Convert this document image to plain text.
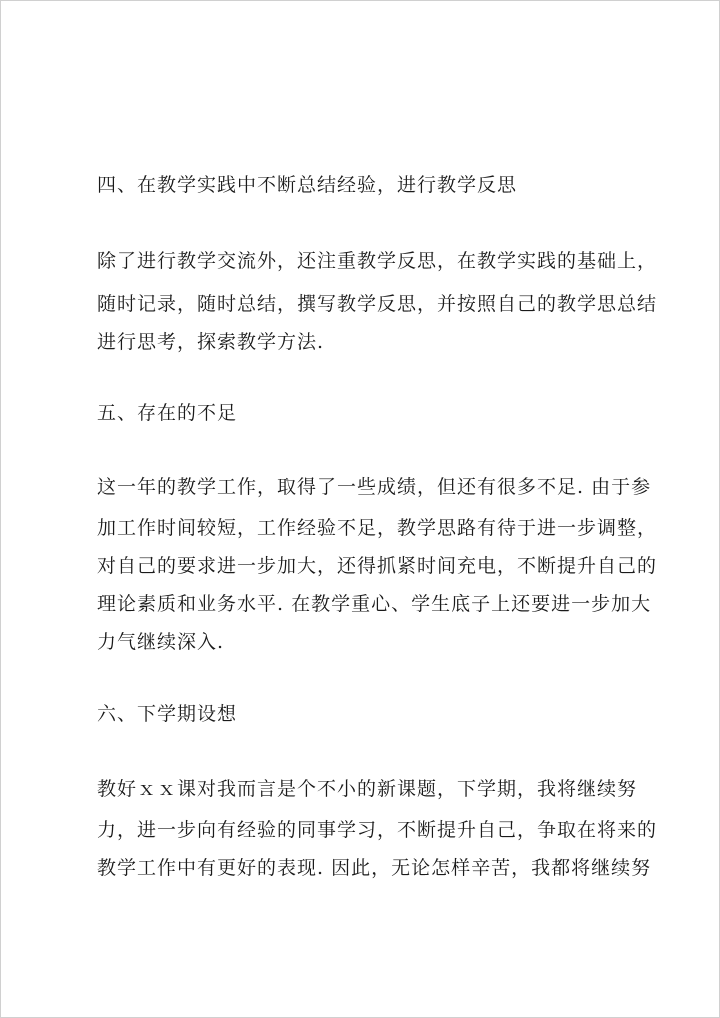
四、在教学实践中不断总结经验，进行教学反思

除了进行教学交流外，还注重教学反思，在教学实践的基础上，

随时记录，随时总结，撰写教学反思，并按照自己的教学思总结

进行思考，探索教学方法.

五、存在的不足

这一年的教学工作，取得了一些成绩，但还有很多不足. 由于参

加工作时间较短，工作经验不足，教学思路有待于进一步调整，

对自己的要求进一步加大，还得抓紧时间充电，不断提升自己的

理论素质和业务水平. 在教学重心、学生底子上还要进一步加大

力气继续深入.

六、下学期设想

教好ｘｘ课对我而言是个不小的新课题，下学期，我将继续努

力，进一步向有经验的同事学习，不断提升自己，争取在将来的

教学工作中有更好的表现. 因此，无论怎样辛苦，我都将继续努
